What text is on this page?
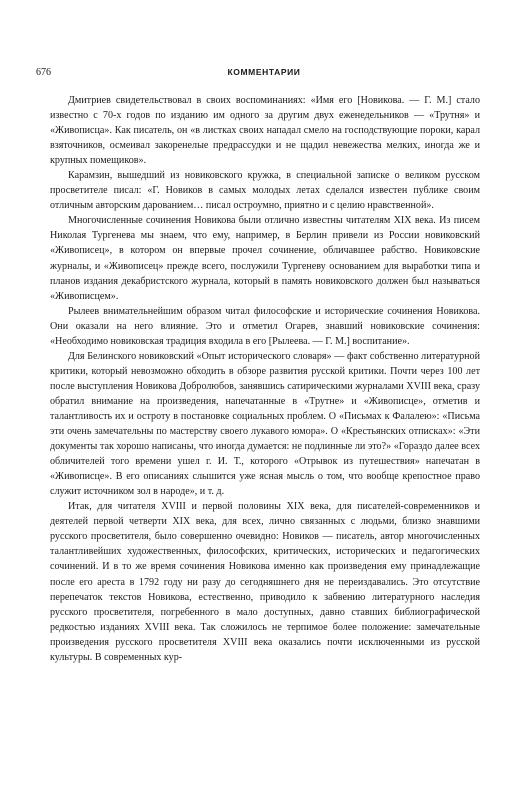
676	КОММЕНТАРИИ

Дмитриев свидетельствовал в своих воспоминаниях: «Имя его [Новикова. — Г. М.] стало известно с 70-х годов по изданию им одного за другим двух еженедельников — «Трутня» и «Живописца». Как писатель, он «в листках своих нападал смело на господствующие пороки, карал взяточников, осмеивал закоренелые предрассудки и не щадил невежества мелких, иногда же и крупных помещиков».

Карамзин, вышедший из новиковского кружка, в специальной записке о великом русском просветителе писал: «Г. Новиков в самых молодых летах сделался известен публике своим отличным авторским дарованием… писал остроумно, приятно и с целию нравственной».

Многочисленные сочинения Новикова были отлично известны читателям XIX века. Из писем Николая Тургенева мы знаем, что ему, например, в Берлин привели из России новиковский «Живописец», в котором он впервые прочел сочинение, обличавшее рабство. Новиковские журналы, и «Живописец» прежде всего, послужили Тургеневу основанием для выработки типа и планов издания декабристского журнала, который в память новиковского должен был называться «Живописцем».

Рылеев внимательнейшим образом читал философские и исторические сочинения Новикова. Они оказали на него влияние. Это и отметил Огарев, знавший новиковские сочинения: «Необходимо новиковская традиция входила в его [Рылеева. — Г. М.] воспитание».

Для Белинского новиковский «Опыт исторического словаря» — факт собственно литературной критики, который невозможно обходить в обзоре развития русской критики. Почти через 100 лет после выступления Новикова Добролюбов, занявшись сатирическими журналами XVIII века, сразу обратил внимание на произведения, напечатанные в «Трутне» и «Живописце», отметив и талантливость их и остроту в постановке социальных проблем. О «Письмах к Фалалею»: «Письма эти очень замечательны по мастерству своего лукавого юмора». О «Крестьянских отписках»: «Эти документы так хорошо написаны, что иногда думается: не подлинные ли это?» «Гораздо далее всех обличителей того времени ушел г. И. Т., которого «Отрывок из путешествия» напечатан в «Живописце». В его описаниях слышится уже ясная мысль о том, что вообще крепостное право служит источником зол в народе», и т. д.

Итак, для читателя XVIII и первой половины XIX века, для писателей-современников и деятелей первой четверти XIX века, для всех, лично связанных с людьми, близко знавшими русского просветителя, было совершенно очевидно: Новиков — писатель, автор многочисленных талантливейших художественных, философских, критических, исторических и педагогических сочинений. И в то же время сочинения Новикова именно как произведения ему принадлежащие после его ареста в 1792 году ни разу до сегодняшнего дня не переиздавались. Это отсутствие перепечаток текстов Новикова, естественно, приводило к забвению литературного наследия русского просветителя, погребенного в мало доступных, давно ставших библиографической редкостью изданиях XVIII века. Так сложилось не терпимое более положение: замечательные произведения русского просветителя XVIII века оказались почти исключенными из русской культуры. В современных кур-
